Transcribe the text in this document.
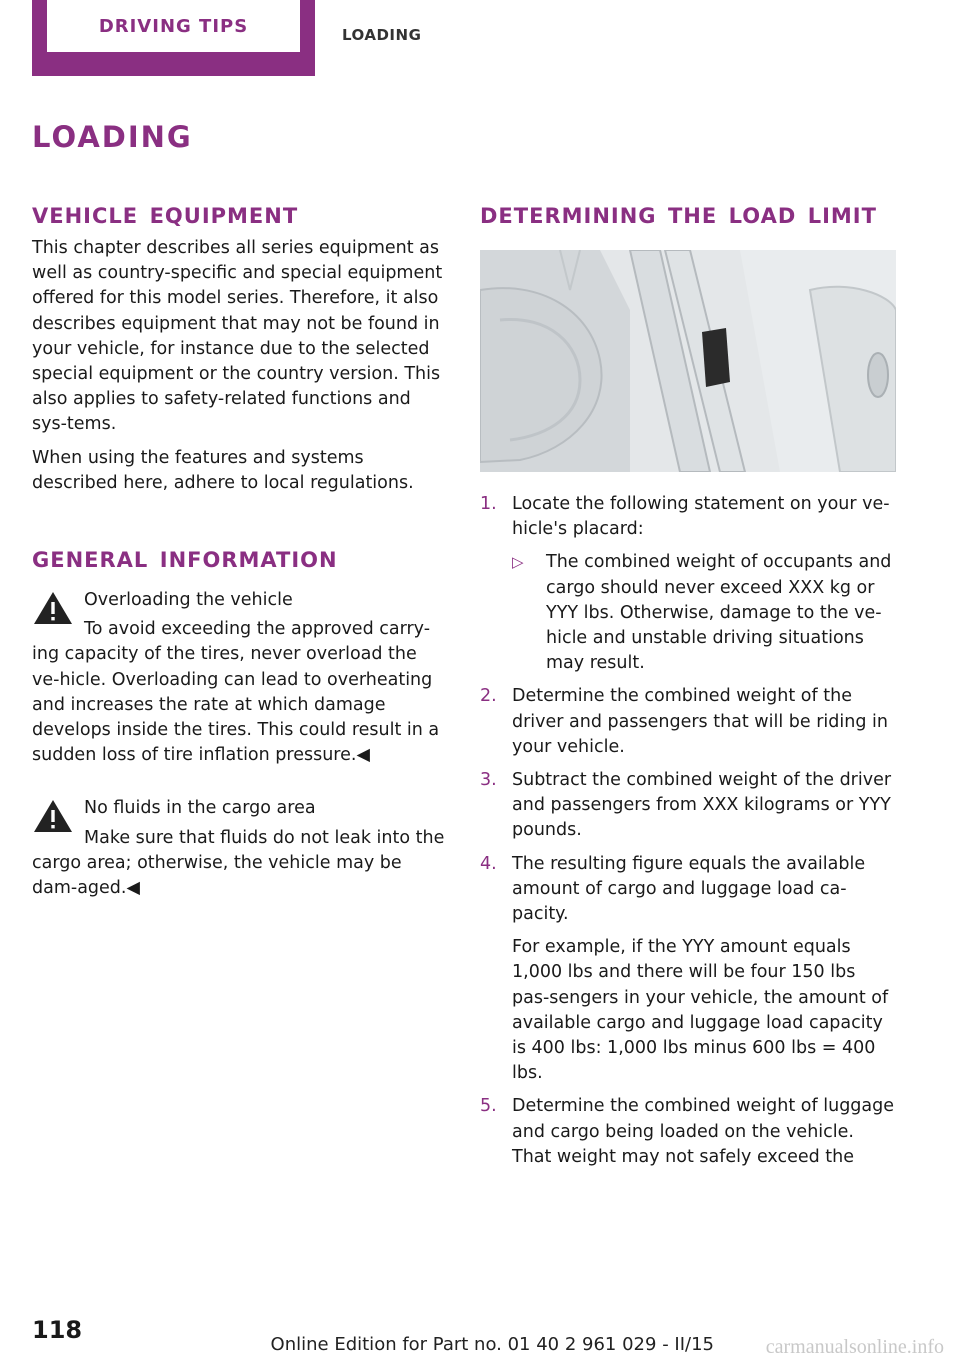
DRIVING TIPS	LOADING
loading
vehicle equipment

This chapter describes all series equipment as well as country-specific and special equipment offered for this model series. Therefore, it also describes equipment that may not be found in your vehicle, for instance due to the selected special equipment or the country version. This also applies to safety-related functions and sys-tems.

When using the features and systems described here, adhere to local regulations.

general information

Overloading the vehicle

To avoid exceeding the approved carry-ing capacity of the tires, never overload the ve-hicle. Overloading can lead to overheating and increases the rate at which damage develops inside the tires. This could result in a sudden loss of tire inflation pressure.◀

No fluids in the cargo area

Make sure that fluids do not leak into the cargo area; otherwise, the vehicle may be dam-aged.◀

determining the load limit
1. Locate the following statement on your ve-hicle's placard:

▷ The combined weight of occupants and cargo should never exceed XXX kg or YYY lbs. Otherwise, damage to the ve-hicle and unstable driving situations may result.

2. Determine the combined weight of the driver and passengers that will be riding in your vehicle.

3. Subtract the combined weight of the driver and passengers from XXX kilograms or YYY pounds.

4. The resulting figure equals the available amount of cargo and luggage load ca-pacity.

For example, if the YYY amount equals 1,000 lbs and there will be four 150 lbs pas-sengers in your vehicle, the amount of available cargo and luggage load capacity is 400 lbs: 1,000 lbs minus 600 lbs = 400 lbs.

5. Determine the combined weight of luggage and cargo being loaded on the vehicle. That weight may not safely exceed the

118
Online Edition for Part no. 01 40 2 961 029 - II/15	carmanualsonline.info
